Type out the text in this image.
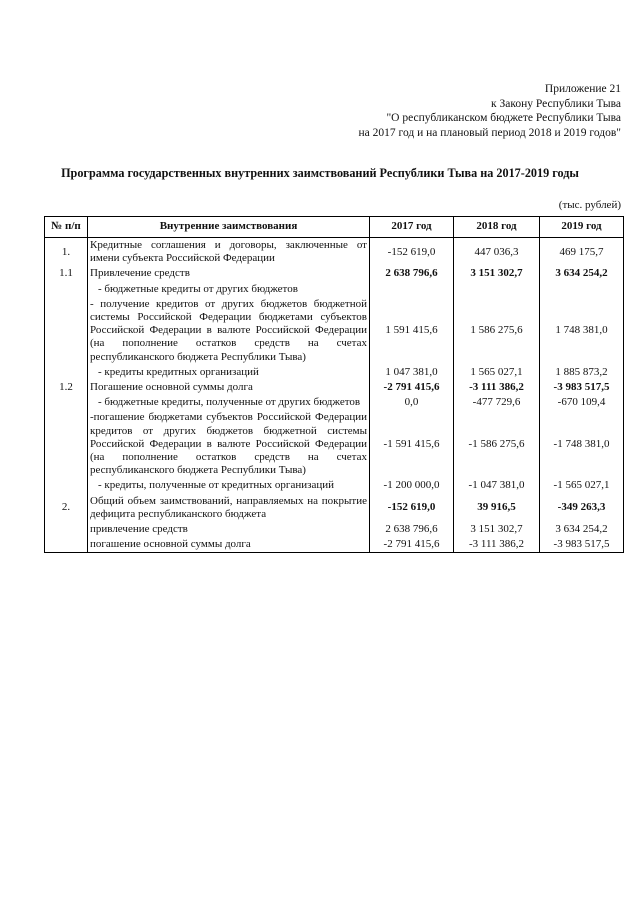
Приложение 21
к Закону Республики Тыва
"О республиканском бюджете Республики Тыва
на 2017 год и на плановый период 2018 и 2019 годов"
Программа государственных внутренних заимствований Республики Тыва на 2017-2019 годы
(тыс. рублей)
№ п/п	Внутренние заимствования	2017 год	2018 год	2019 год
1.	Кредитные соглашения и договоры, заключенные от имени субъекта Российской Федерации	-152 619,0	447 036,3	469 175,7
1.1	Привлечение средств	2 638 796,6	3 151 302,7	3 634 254,2
	- бюджетные кредиты от других бюджетов			
	- получение кредитов от других бюджетов бюджетной системы Российской Федерации бюджетами субъектов Российской Федерации в валюте Российской Федерации (на пополнение остатков средств на счетах республиканского бюджета Республики Тыва)	1 591 415,6	1 586 275,6	1 748 381,0
	- кредиты кредитных организаций	1 047 381,0	1 565 027,1	1 885 873,2
1.2	Погашение основной суммы долга	-2 791 415,6	-3 111 386,2	-3 983 517,5
	- бюджетные кредиты, полученные от других бюджетов	0,0	-477 729,6	-670 109,4
	-погашение бюджетами субъектов Российской Федерации кредитов от других бюджетов бюджетной системы Российской Федерации в валюте Российской Федерации (на пополнение остатков средств на счетах республиканского бюджета Республики Тыва)	-1 591 415,6	-1 586 275,6	-1 748 381,0
	- кредиты, полученные от кредитных организаций	-1 200 000,0	-1 047 381,0	-1 565 027,1
2.	Общий объем заимствований, направляемых на покрытие дефицита республиканского бюджета	-152 619,0	39 916,5	-349 263,3
	привлечение средств	2 638 796,6	3 151 302,7	3 634 254,2
	погашение основной суммы долга	-2 791 415,6	-3 111 386,2	-3 983 517,5
